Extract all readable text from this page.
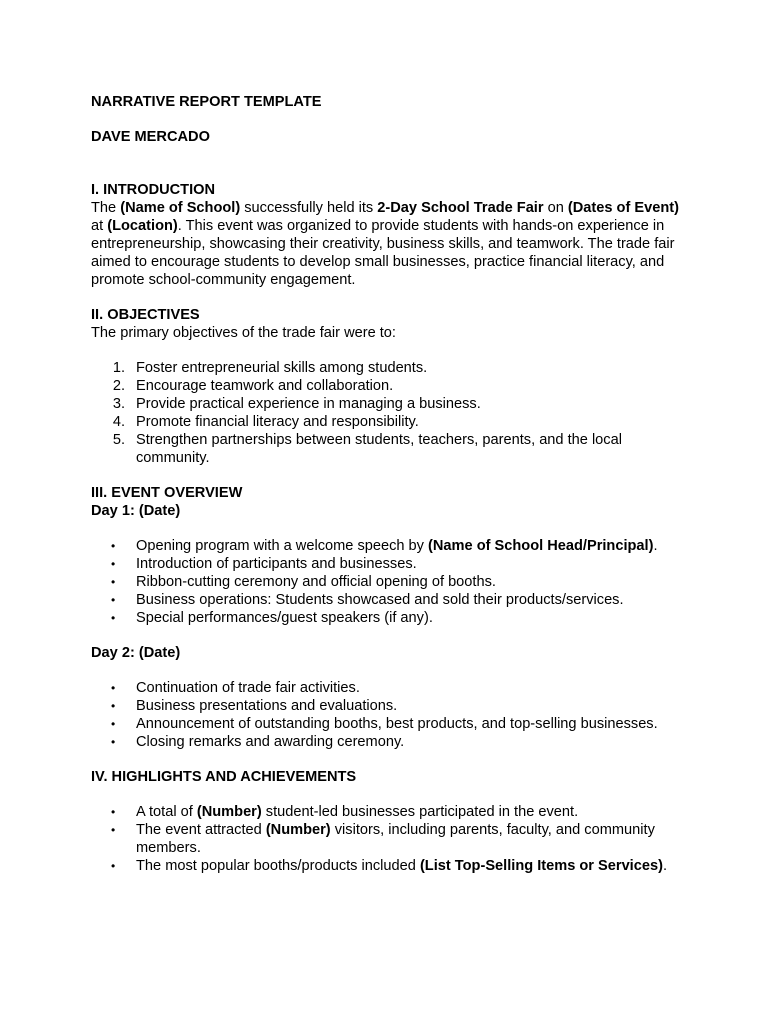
NARRATIVE REPORT TEMPLATE
DAVE MERCADO
I. INTRODUCTION

The (Name of School) successfully held its 2-Day School Trade Fair on (Dates of Event) at (Location). This event was organized to provide students with hands-on experience in entrepreneurship, showcasing their creativity, business skills, and teamwork. The trade fair aimed to encourage students to develop small businesses, practice financial literacy, and promote school-community engagement.

II. OBJECTIVES

The primary objectives of the trade fair were to:

1. Foster entrepreneurial skills among students.
2. Encourage teamwork and collaboration.
3. Provide practical experience in managing a business.
4. Promote financial literacy and responsibility.
5. Strengthen partnerships between students, teachers, parents, and the local community.
III. EVENT OVERVIEW
Day 1: (Date)
• Opening program with a welcome speech by (Name of School Head/Principal).
• Introduction of participants and businesses.
• Ribbon-cutting ceremony and official opening of booths.
• Business operations: Students showcased and sold their products/services.
• Special performances/guest speakers (if any).
Day 2: (Date)
• Continuation of trade fair activities.
• Business presentations and evaluations.
• Announcement of outstanding booths, best products, and top-selling businesses.
• Closing remarks and awarding ceremony.
IV. HIGHLIGHTS AND ACHIEVEMENTS
• A total of (Number) student-led businesses participated in the event.
• The event attracted (Number) visitors, including parents, faculty, and community members.
• The most popular booths/products included (List Top-Selling Items or Services).
